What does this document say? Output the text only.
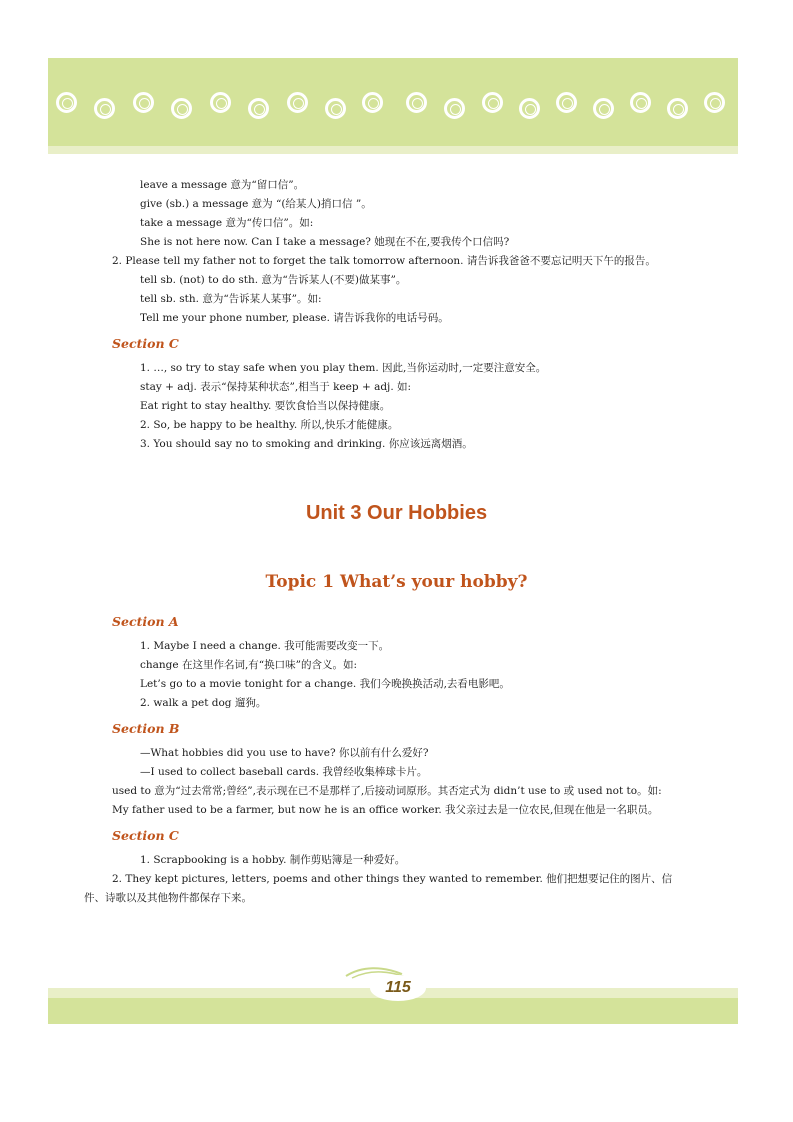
leave a message 意为“留口信”。

give (sb.) a message 意为 “(给某人)捎口信 ”。

take a message 意为“传口信”。如:

She is not here now. Can I take a message? 她现在不在,要我传个口信吗?

2. Please tell my father not to forget the talk tomorrow afternoon. 请告诉我爸爸不要忘记明天下午的报告。

tell sb. (not) to do sth. 意为“告诉某人(不要)做某事”。

tell sb. sth. 意为“告诉某人某事”。如:

Tell me your phone number, please. 请告诉我你的电话号码。

Section C

1. …, so try to stay safe when you play them. 因此,当你运动时,一定要注意安全。

stay + adj. 表示“保持某种状态”,相当于 keep + adj. 如:

Eat right to stay healthy. 要饮食恰当以保持健康。

2. So, be happy to be healthy. 所以,快乐才能健康。

3. You should say no to smoking and drinking. 你应该远离烟酒。

Unit 3 Our Hobbies
Topic 1 What’s your hobby?
Section A

1. Maybe I need a change. 我可能需要改变一下。

change 在这里作名词,有“换口味”的含义。如:

Let’s go to a movie tonight for a change. 我们今晚换换活动,去看电影吧。

2. walk a pet dog 遛狗。

Section B

—What hobbies did you use to have? 你以前有什么爱好?

—I used to collect baseball cards. 我曾经收集棒球卡片。

used to 意为“过去常常;曾经”,表示现在已不是那样了,后接动词原形。其否定式为 didn’t use to 或 used not to。如:

My father used to be a farmer, but now he is an office worker. 我父亲过去是一位农民,但现在他是一名职员。

Section C

1. Scrapbooking is a hobby. 制作剪贴簿是一种爱好。

2. They kept pictures, letters, poems and other things they wanted to remember. 他们把想要记住的图片、信件、诗歌以及其他物件都保存下来。

115
